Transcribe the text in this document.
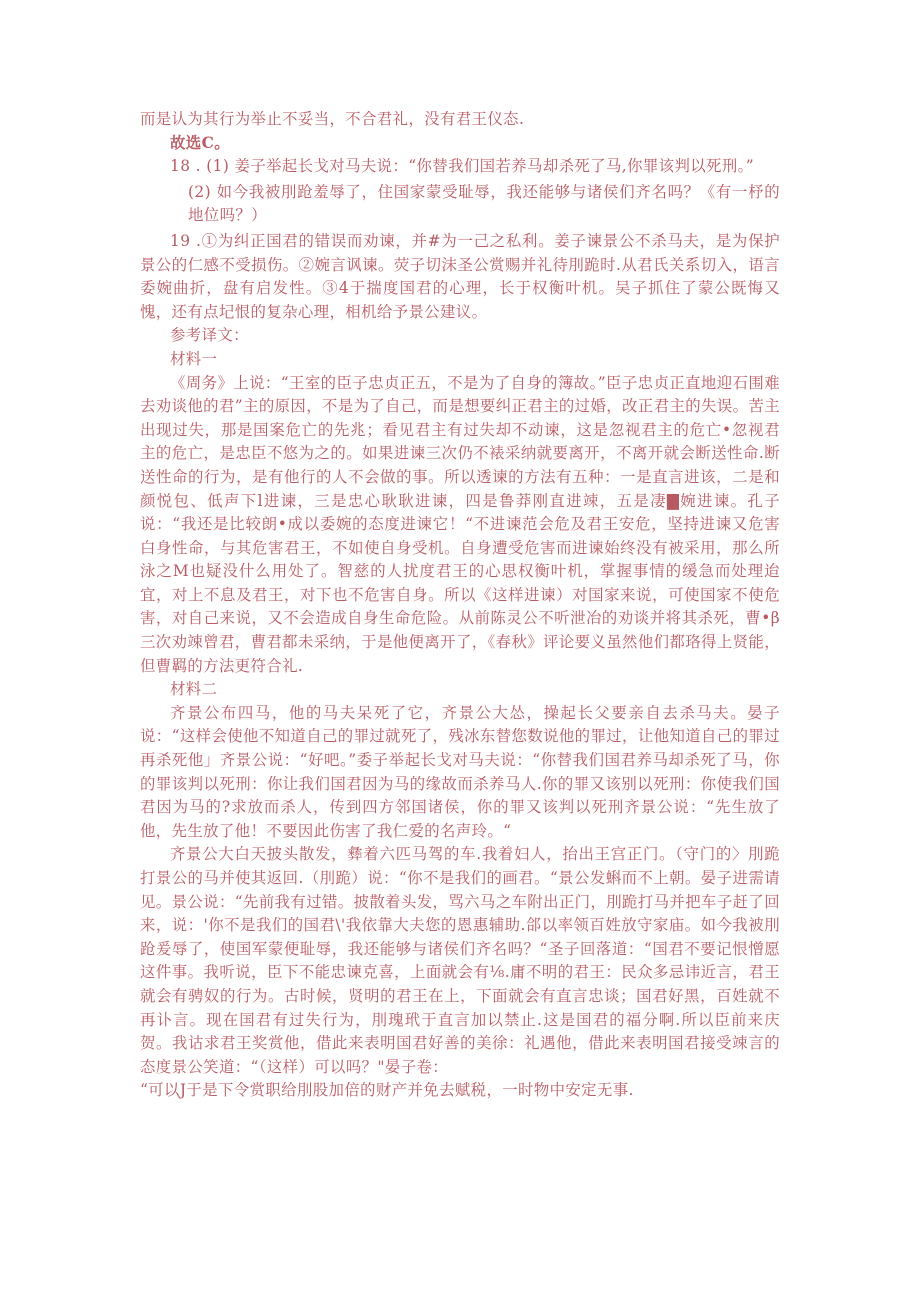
而是认为其行为举止不妥当，不合君礼，没有君王仪态.

故选C。

18 . (1) 姜子举起长戈对马夫说：“你替我们国若养马却杀死了马,你罪该判以死刑。”

(2) 如今我被刖跄羞辱了，住国家蒙受耻辱，我还能够与诸侯们齐名吗？《有一杼的地位吗？）

19 .①为纠正国君的错误而劝谏，并#为一己之私利。姜子谏景公不杀马夫，是为保护景公的仁感不受损伤。②婉言讽谏。荧子切沫圣公赏赐并礼待刖跪时.从君氏关系切入，语言委婉曲折，盘有启发性。③4于揣度国君的心理，长于权衡叶机。吴子抓住了蒙公既悔又愧，还有点圮恨的复杂心理，相机给予景公建议。

参考译文：

材料一

《周务》上说：“王室的臣子忠贞正五，不是为了自身的簿故。”臣子忠贞正直地迎石围难去劝谈他的君”主的原因，不是为了自己，而是想要纠正君主的过婚，改正君主的失误。苦主出现过失，那是国案危亡的先兆；看见君主有过失却不动谏，这是忽视君主的危亡•忽视君主的危亡，是忠臣不悠为之的。如果进谏三次仍不裱采纳就要离开，不离开就会断送性命.断送性命的行为，是有他行的人不会做的事。所以透谏的方法有五种：一是直言进该，二是和颜悦包、低声下l进谏，三是忠心耿耿进谏，四是鲁莽刚直进竦，五是凄▇婉进谏。孔子说：“我还是比较朗•成以委婉的态度进谏它！“不进谏范会危及君王安危，坚持进谏又危害白身性命，与其危害君王，不如使自身受机。自身遭受危害而进谏始终没有被采用，那么所泳之M也疑没什么用处了。智慈的人扰度君王的心思权衡叶机，掌握事情的缓急而处理迨宜，对上不息及君王，对下也不危害自身。所以《这样进谏）对国家来说，可使国家不使危害，对自己来说，又不会造成自身生命危险。从前陈灵公不听泄冶的劝谈并将其杀死，曹•β三次劝竦曾君，曹君都未采纳，于是他便离开了，《春秋》评论要义虽然他们都珞得上贤能，但曹羁的方法更符合礼.

材料二

齐景公布四马，他的马夫呆死了它，齐景公大怂，操起长父要亲自去杀马夫。晏子说：“这样会使他不知道自己的罪过就死了，残冰东替您数说他的罪过，让他知道自己的罪过再杀死他」齐景公说：“好吧。”委子举起长戈对马夫说：“你替我们国君养马却杀死了马，你的罪该判以死刑：你让我们国君因为马的缘故而杀养马人.你的罪又该别以死刑：你使我们国君因为马的?求放而杀人，传到四方邻国诸侯，你的罪又该判以死刑齐景公说：“先生放了他，先生放了他！不要因此伤害了我仁爱的名声玲。“

齐景公大白天披头散发，彝着六匹马驾的车.我着妇人，抬出王宫正门。（守门的〉刖跪打景公的马并使其返回.（刖跪）说：“你不是我们的画君。“景公发蝌而不上朝。晏子进需请见。景公说：“先前我有过错。披散着头发，骂六马之车附出正门，刖跪打马并把车子赶了回来，说：'你不是我们的国君\'我依靠大夫您的恩惠辅助.郃以率领百姓放守家庙。如今我被刖跄爰辱了，使国军蒙便耻辱，我还能够与诸侯们齐名吗？“圣子回落道：“国君不要记恨憎愿这件事。我听说，臣下不能忠谏克喜，上面就会有⅛.庸不明的君王：民众多忌讳近言，君王就会有骋奴的行为。古时候，贤明的君王在上，下面就会有直言忠谈；国君好黑，百姓就不再讣言。现在国君有过失行为，刖瑰玳于直言加以禁止.这是国君的福分啊.所以臣前来庆贺。我诂求君王奖赏他，借此来表明国君好善的美徐：礼遇他，借此来表明国君接受竦言的态度景公笑道：“（这样）可以吗？"晏子卷：

“可以J于是下令赏职给刖股加倍的财产并免去赋税，一时物中安定无事.
